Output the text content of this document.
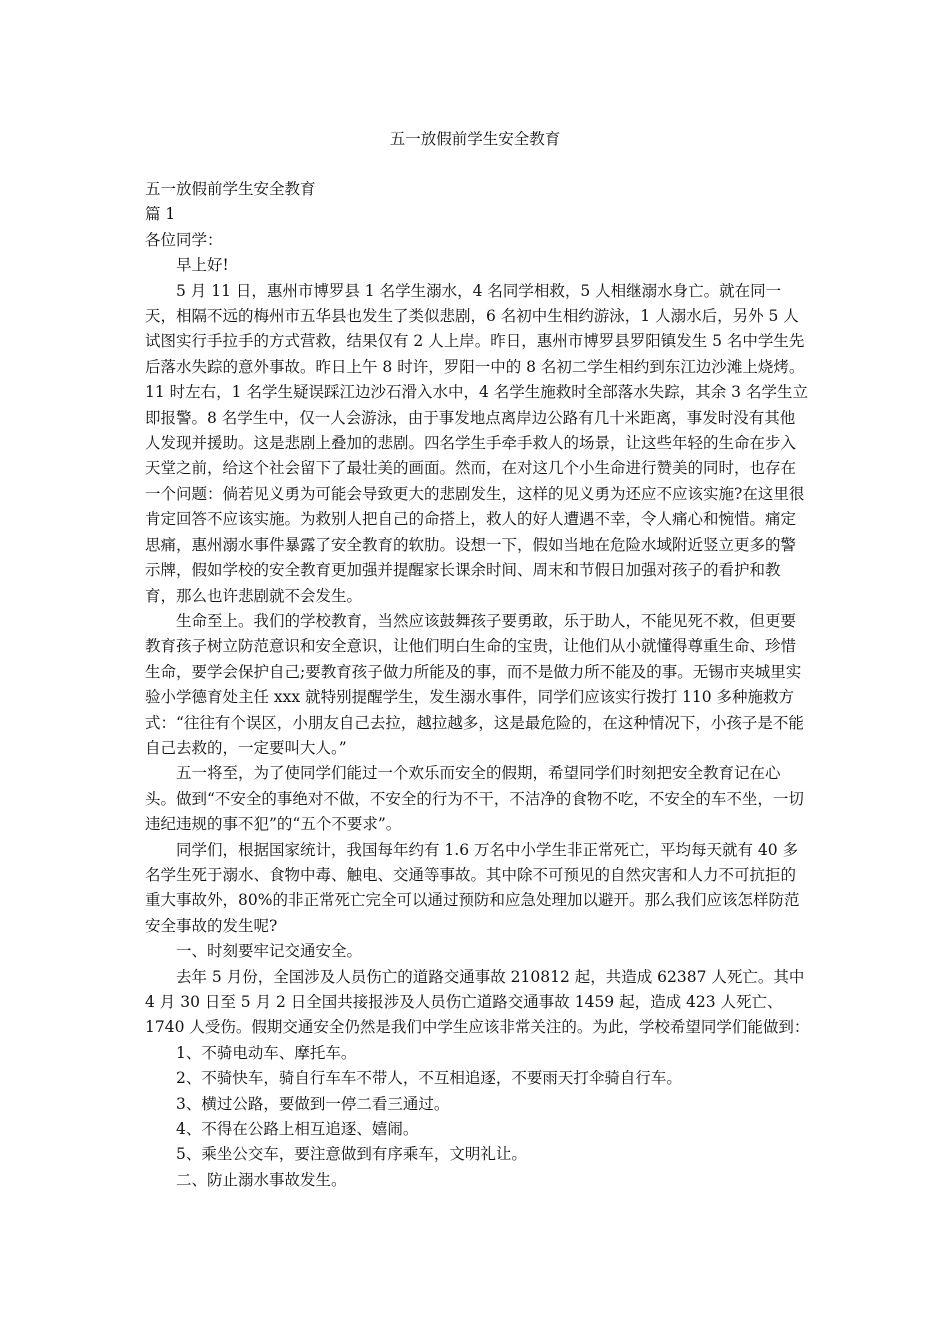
五一放假前学生安全教育

五一放假前学生安全教育

篇 1

各位同学：

早上好!

5 月 11 日，惠州市博罗县 1 名学生溺水，4 名同学相救，5 人相继溺水身亡。就在同一天，相隔不远的梅州市五华县也发生了类似悲剧，6 名初中生相约游泳，1 人溺水后，另外 5 人试图实行手拉手的方式营救，结果仅有 2 人上岸。昨日，惠州市博罗县罗阳镇发生 5 名中学生先后落水失踪的意外事故。昨日上午 8 时许，罗阳一中的 8 名初二学生相约到东江边沙滩上烧烤。11 时左右，1 名学生疑误踩江边沙石滑入水中，4 名学生施救时全部落水失踪，其余 3 名学生立即报警。8 名学生中，仅一人会游泳，由于事发地点离岸边公路有几十米距离，事发时没有其他人发现并援助。这是悲剧上叠加的悲剧。四名学生手牵手救人的场景，让这些年轻的生命在步入天堂之前，给这个社会留下了最壮美的画面。然而，在对这几个小生命进行赞美的同时，也存在一个问题：倘若见义勇为可能会导致更大的悲剧发生，这样的见义勇为还应不应该实施?在这里很肯定回答不应该实施。为救别人把自己的命搭上，救人的好人遭遇不幸，令人痛心和惋惜。痛定思痛，惠州溺水事件暴露了安全教育的软肋。设想一下，假如当地在危险水域附近竖立更多的警示牌，假如学校的安全教育更加强并提醒家长课余时间、周末和节假日加强对孩子的看护和教育，那么也许悲剧就不会发生。

生命至上。我们的学校教育，当然应该鼓舞孩子要勇敢，乐于助人，不能见死不救，但更要教育孩子树立防范意识和安全意识，让他们明白生命的宝贵，让他们从小就懂得尊重生命、珍惜生命，要学会保护自己;要教育孩子做力所能及的事，而不是做力所不能及的事。无锡市夹城里实验小学德育处主任 xxx 就特别提醒学生，发生溺水事件，同学们应该实行拨打 110 多种施救方式：“往往有个误区，小朋友自己去拉，越拉越多，这是最危险的，在这种情况下，小孩子是不能自己去救的，一定要叫大人。”

五一将至，为了使同学们能过一个欢乐而安全的假期，希望同学们时刻把安全教育记在心头。做到“不安全的事绝对不做，不安全的行为不干，不洁净的食物不吃，不安全的车不坐，一切违纪违规的事不犯”的“五个不要求”。

同学们，根据国家统计，我国每年约有 1.6 万名中小学生非正常死亡，平均每天就有 40 多名学生死于溺水、食物中毒、触电、交通等事故。其中除不可预见的自然灾害和人力不可抗拒的重大事故外，80%的非正常死亡完全可以通过预防和应急处理加以避开。那么我们应该怎样防范安全事故的发生呢?

一、时刻要牢记交通安全。

去年 5 月份，全国涉及人员伤亡的道路交通事故 210812 起，共造成 62387 人死亡。其中 4 月 30 日至 5 月 2 日全国共接报涉及人员伤亡道路交通事故 1459 起，造成 423 人死亡、1740 人受伤。假期交通安全仍然是我们中学生应该非常关注的。为此，学校希望同学们能做到：

1、不骑电动车、摩托车。

2、不骑快车，骑自行车车不带人，不互相追逐，不要雨天打伞骑自行车。

3、横过公路，要做到一停二看三通过。

4、不得在公路上相互追逐、嬉闹。

5、乘坐公交车，要注意做到有序乘车，文明礼让。

二、防止溺水事故发生。
